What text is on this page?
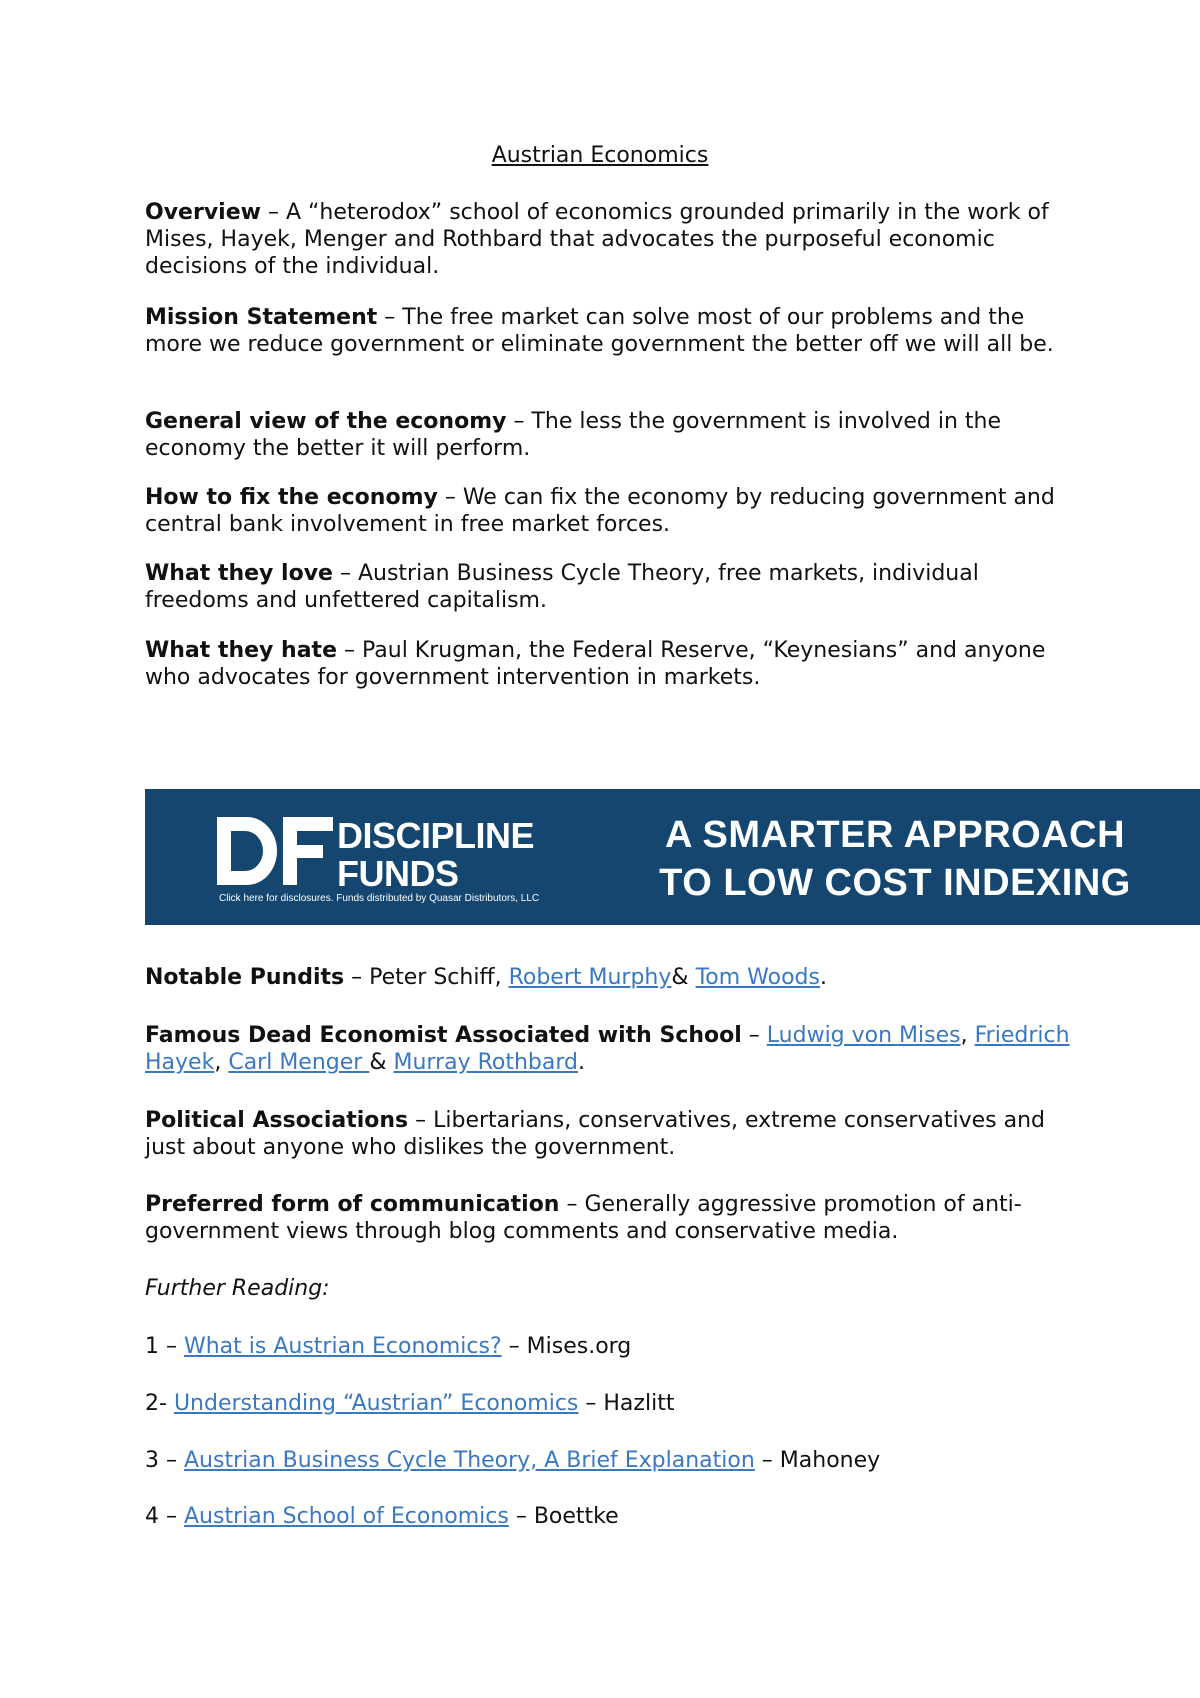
Austrian Economics

Overview – A “heterodox” school of economics grounded primarily in the work of Mises, Hayek, Menger and Rothbard that advocates the purposeful economic decisions of the individual.

Mission Statement – The free market can solve most of our problems and the more we reduce government or eliminate government the better off we will all be.

General view of the economy – The less the government is involved in the economy the better it will perform.

How to fix the economy – We can fix the economy by reducing government and central bank involvement in free market forces.

What they love – Austrian Business Cycle Theory, free markets, individual freedoms and unfettered capitalism.

What they hate – Paul Krugman, the Federal Reserve, “Keynesians” and anyone who advocates for government intervention in markets.

DISCIPLINE
FUNDS
Click here for disclosures. Funds distributed by Quasar Distributors, LLC
A SMARTER APPROACH
TO LOW COST INDEXING

Notable Pundits – Peter Schiff, Robert Murphy& Tom Woods.

Famous Dead Economist Associated with School – Ludwig von Mises, Friedrich Hayek, Carl Menger & Murray Rothbard.

Political Associations – Libertarians, conservatives, extreme conservatives and just about anyone who dislikes the government.

Preferred form of communication – Generally aggressive promotion of anti-government views through blog comments and conservative media.

Further Reading:

1 – What is Austrian Economics? – Mises.org

2- Understanding “Austrian” Economics – Hazlitt

3 – Austrian Business Cycle Theory, A Brief Explanation – Mahoney

4 – Austrian School of Economics – Boettke
